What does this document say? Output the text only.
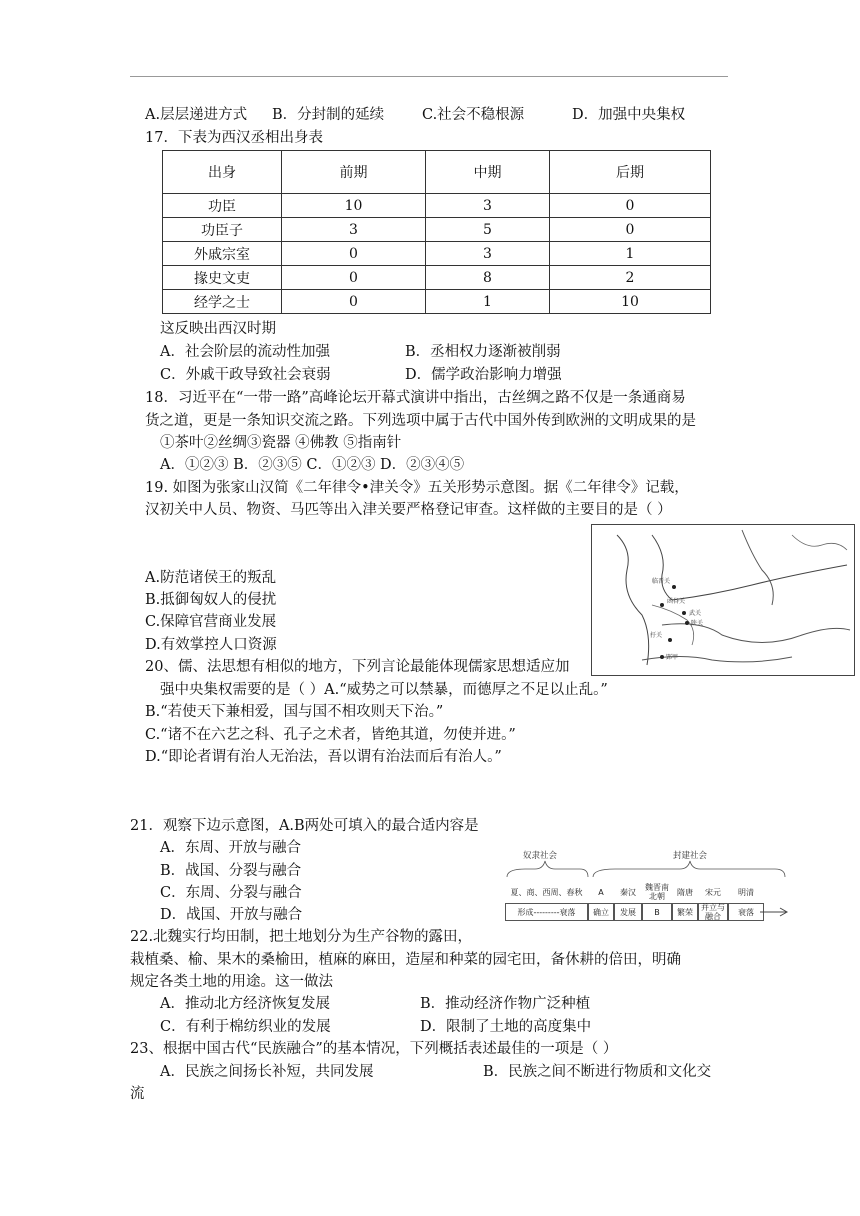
A.层层递进方式 B．分封制的延续	C.社会不稳根源	D．加强中央集权
17．下表为西汉丞相出身表
出身	前期	中期	后期
功臣	10	3	0
功臣子	3	5	0
外戚宗室	0	3	1
掾史文吏	0	8	2
经学之士	0	1	10
这反映出西汉时期
A．社会阶层的流动性加强	B．丞相权力逐渐被削弱
C．外戚干政导致社会衰弱	D．儒学政治影响力增强
18．习近平在“一带一路”高峰论坛开幕式演讲中指出，古丝绸之路不仅是一条通商易
货之道，更是一条知识交流之路。下列选项中属于古代中国外传到欧洲的文明成果的是
①茶叶②丝绸③瓷器 ④佛教 ⑤指南针
A．①②③ B．②③⑤ C．①②③ D．②③④⑤
19. 如图为张家山汉简《二年律令•津关令》五关形势示意图。据《二年律令》记载，
汉初关中人员、物资、马匹等出入津关要严格登记审查。这样做的主要目的是（ ）
A.防范诸侯王的叛乱
B.抵御匈奴人的侵扰
C.保障官营商业发展
D.有效掌控人口资源
临晋关
函谷关
武关
陕关
扜关
郢甲
20、儒、法思想有相似的地方，下列言论最能体现儒家思想适应加
强中央集权需要的是（ ）A.“威势之可以禁暴，而德厚之不足以止乱。”
B.“若使天下兼相爱，国与国不相攻则天下治。”
C.“诸不在六艺之科、孔子之术者，皆绝其道，勿使并进。”
D.“即论者谓有治人无治法，吾以谓有治法而后有治人。”
21．观察下边示意图，A.B两处可填入的最合适内容是
A．东周、开放与融合
B．战国、分裂与融合
C．东周、分裂与融合
D．战国、开放与融合
奴隶社会	封建社会
夏、商、西周、春秋	A	秦汉	魏晋南北朝	隋唐	宋元	明清
形成---------衰落	确立	发展	B	繁荣	并立与融合	衰落
22.北魏实行均田制，把土地划分为生产谷物的露田，
栽植桑、榆、果木的桑榆田，植麻的麻田，造屋和种菜的园宅田，备休耕的倍田，明确
规定各类土地的用途。这一做法
A．推动北方经济恢复发展	B．推动经济作物广泛种植
C．有利于棉纺织业的发展	D．限制了土地的高度集中
23、根据中国古代“民族融合”的基本情况，下列概括表述最佳的一项是（ ）
A．民族之间扬长补短，共同发展	B．民族之间不断进行物质和文化交
流
